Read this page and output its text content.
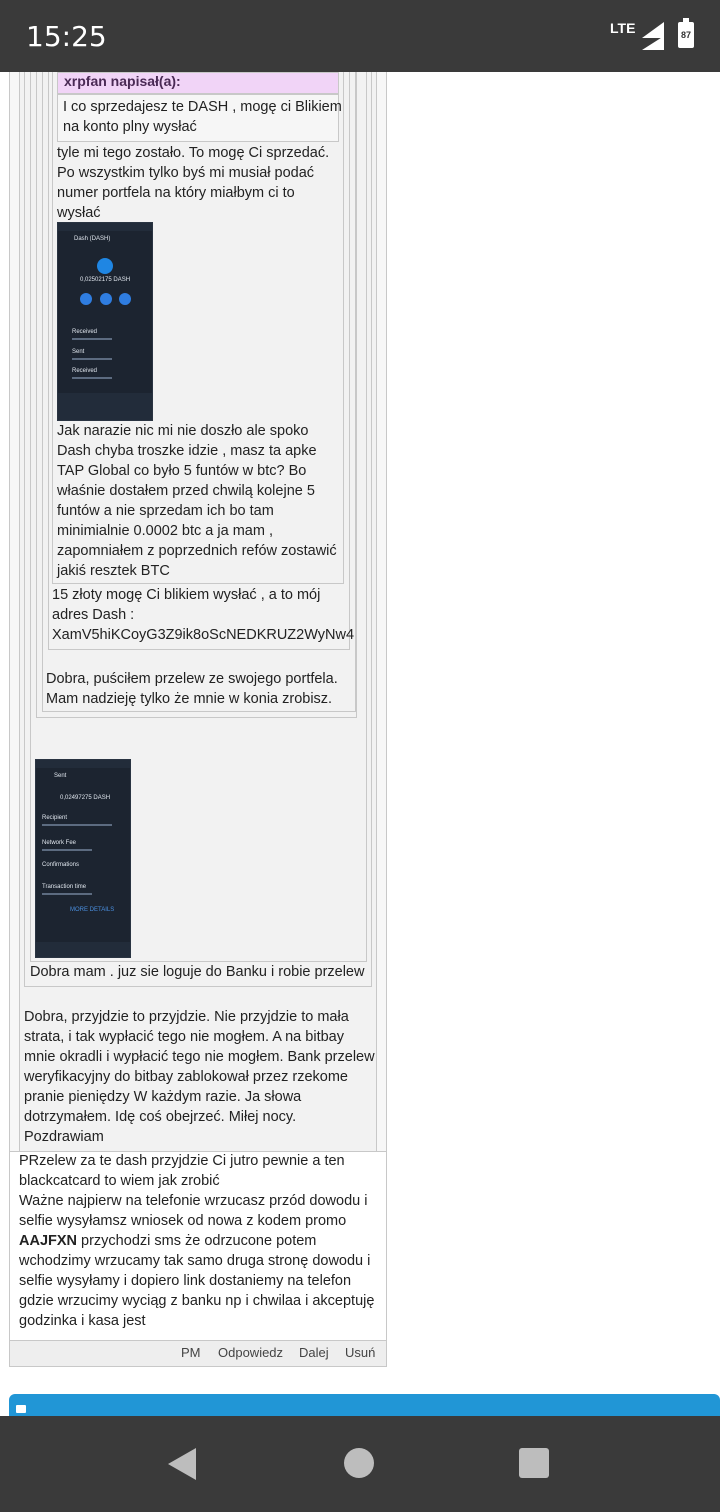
15:25	LTE	87
xrpfan napisał(a):
I co sprzedajesz te DASH , mogę ci Blikiem
na konto plny wysłać
tyle mi tego zostało. To mogę Ci sprzedać.
Po wszystkim tylko byś mi musiał podać
numer portfela na który miałbym ci to
wysłać
Dash (DASH)
0,02502175 DASH
Received
Sent
Received
Jak narazie nic mi nie doszło ale spoko
Dash chyba troszke idzie , masz ta apke
TAP Global co było 5 funtów w btc? Bo
właśnie dostałem przed chwilą kolejne 5
funtów a nie sprzedam ich bo tam
minimialnie 0.0002 btc a ja mam ,
zapomniałem z poprzednich refów zostawić
jakiś resztek BTC
15 złoty mogę Ci blikiem wysłać , a to mój
adres Dash :
XamV5hiKCoyG3Z9ik8oScNEDKRUZ2WyNw4
Dobra, puściłem przelew ze swojego portfela.
Mam nadzieję tylko że mnie w konia zrobisz.
Sent
0,02497275 DASH
Recipient
Network Fee
Confirmations
Transaction time
MORE DETAILS
Dobra mam . juz sie loguje do Banku i robie przelew
Dobra, przyjdzie to przyjdzie. Nie przyjdzie to mała
strata, i tak wypłacić tego nie mogłem. A na bitbay
mnie okradli i wypłacić tego nie mogłem. Bank przelew
weryfikacyjny do bitbay zablokował przez rzekome
pranie pieniędzy W każdym razie. Ja słowa
dotrzymałem. Idę coś obejrzeć. Miłej nocy.
Pozdrawiam
PRzelew za te dash przyjdzie Ci jutro pewnie a ten
blackcatcard to wiem jak zrobić
Ważne najpierw na telefonie wrzucasz przód dowodu i
selfie wysyłamsz wniosek od nowa z kodem promo
AAJFXN przychodzi sms że odrzucone potem
wchodzimy wrzucamy tak samo druga stronę dowodu i
selfie wysyłamy i dopiero link dostaniemy na telefon
gdzie wrzucimy wyciąg z banku np i chwilaa i akceptuję
godzinka i kasa jest
PM Odpowiedz Dalej Usuń
